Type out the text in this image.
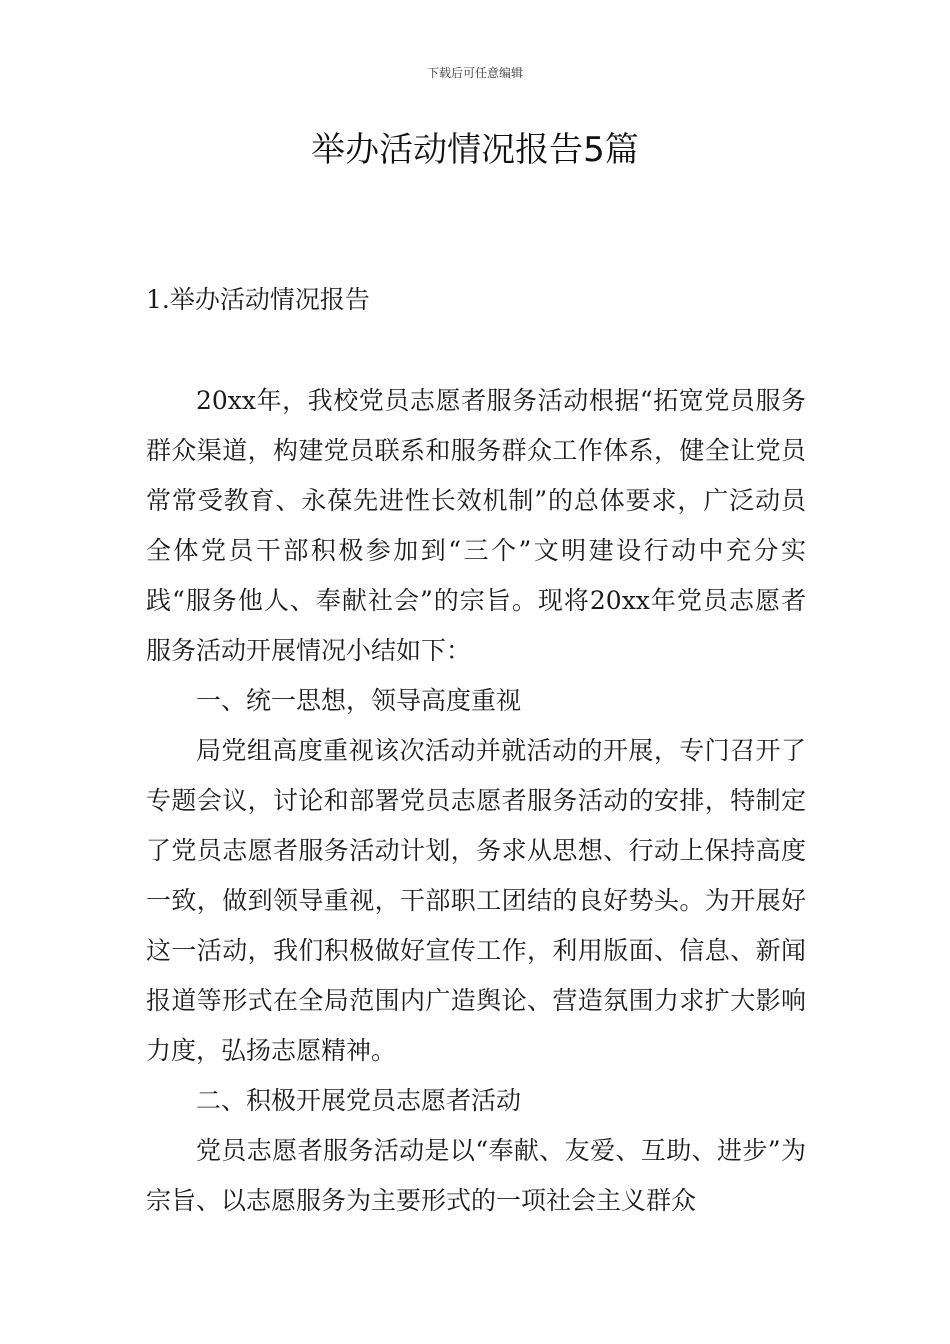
下载后可任意编辑
举办活动情况报告5篇
1.举办活动情况报告

20xx年，我校党员志愿者服务活动根据“拓宽党员服务群众渠道，构建党员联系和服务群众工作体系，健全让党员常常受教育、永葆先进性长效机制”的总体要求，广泛动员全体党员干部积极参加到“三个”文明建设行动中充分实践“服务他人、奉献社会”的宗旨。现将20xx年党员志愿者服务活动开展情况小结如下：

一、统一思想，领导高度重视

局党组高度重视该次活动并就活动的开展，专门召开了专题会议，讨论和部署党员志愿者服务活动的安排，特制定了党员志愿者服务活动计划，务求从思想、行动上保持高度一致，做到领导重视，干部职工团结的良好势头。为开展好这一活动，我们积极做好宣传工作，利用版面、信息、新闻报道等形式在全局范围内广造舆论、营造氛围力求扩大影响力度，弘扬志愿精神。

二、积极开展党员志愿者活动

党员志愿者服务活动是以“奉献、友爱、互助、进步”为宗旨、以志愿服务为主要形式的一项社会主义群众
